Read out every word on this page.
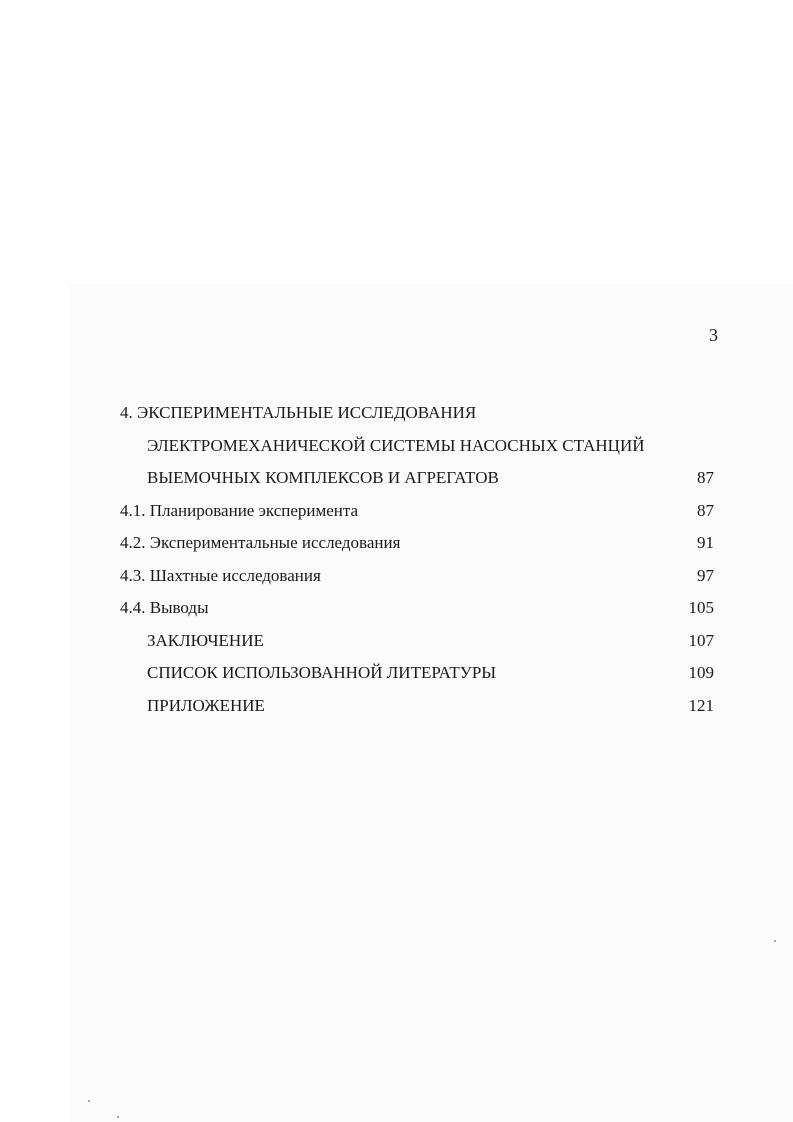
3
4. ЭКСПЕРИМЕНТАЛЬНЫЕ ИССЛЕДОВАНИЯ
ЭЛЕКТРОМЕХАНИЧЕСКОЙ СИСТЕМЫ НАСОСНЫХ СТАНЦИЙ
ВЫЕМОЧНЫХ КОМПЛЕКСОВ И АГРЕГАТОВ	87
4.1. Планирование эксперимента	87
4.2. Экспериментальные исследования	91
4.3. Шахтные исследования	97
4.4. Выводы	105
ЗАКЛЮЧЕНИЕ	107
СПИСОК ИСПОЛЬЗОВАННОЙ ЛИТЕРАТУРЫ	109
ПРИЛОЖЕНИЕ	121
